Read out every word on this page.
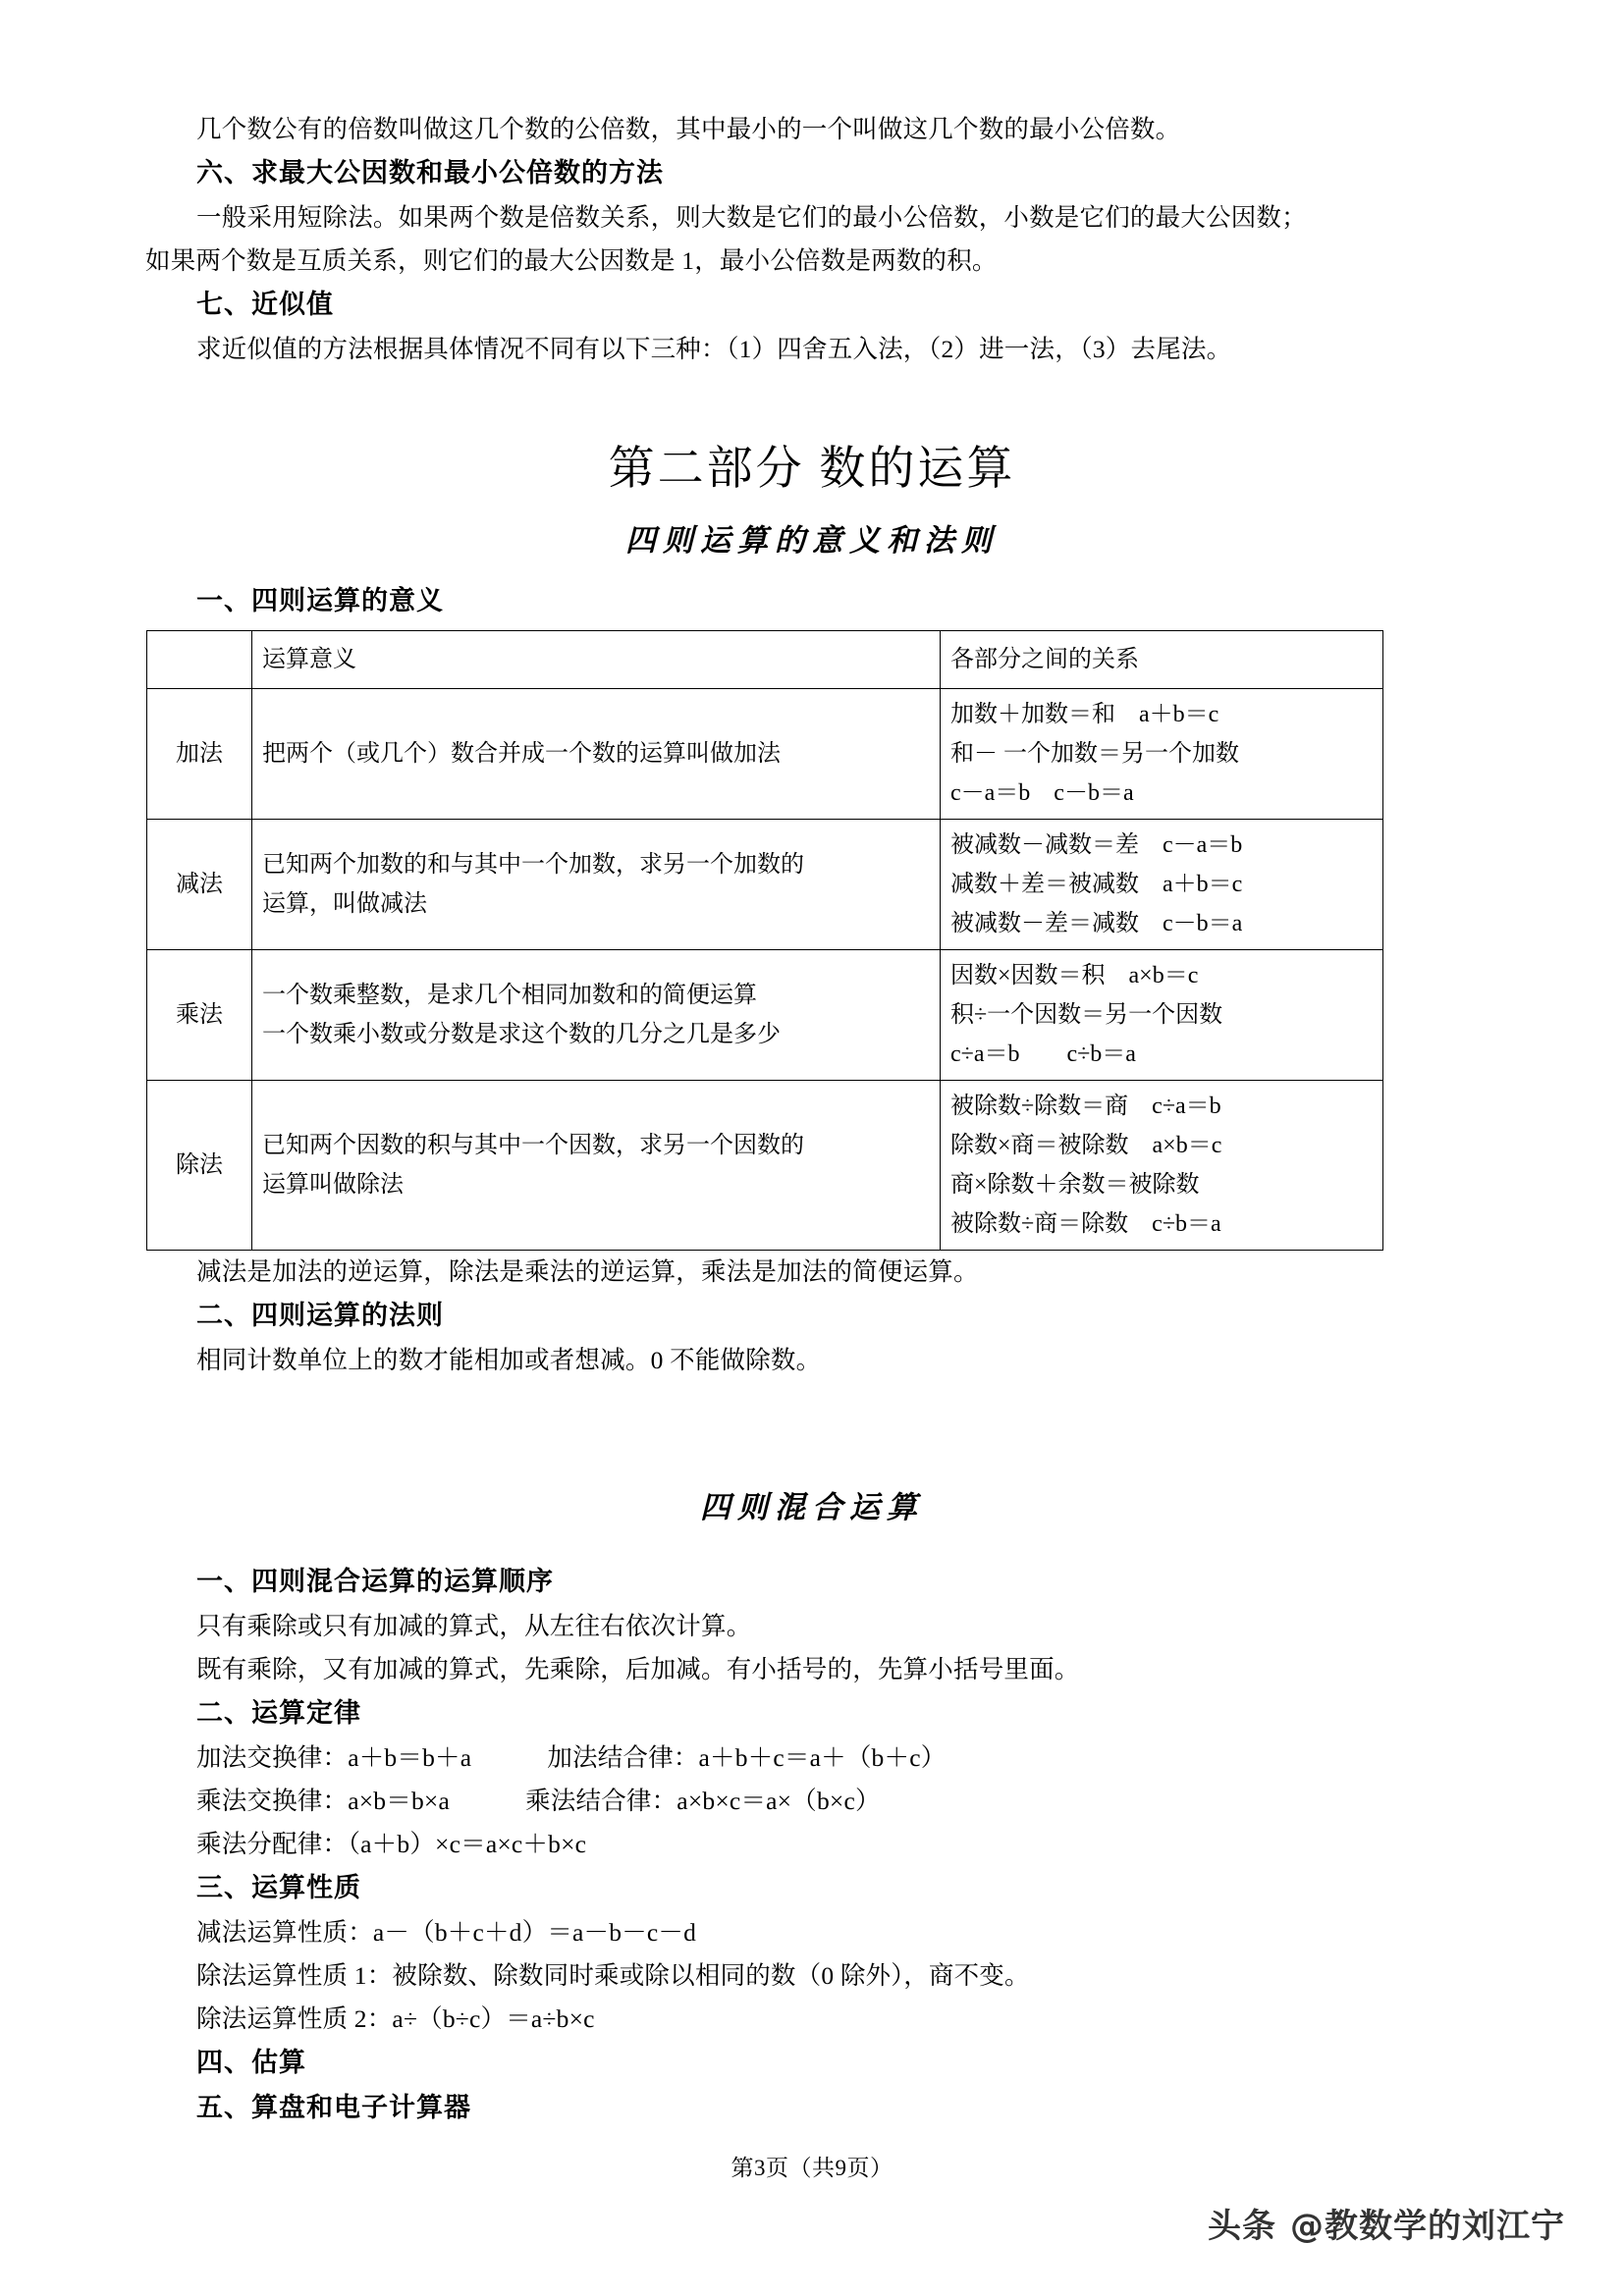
几个数公有的倍数叫做这几个数的公倍数，其中最小的一个叫做这几个数的最小公倍数。
六、求最大公因数和最小公倍数的方法
一般采用短除法。如果两个数是倍数关系，则大数是它们的最小公倍数，小数是它们的最大公因数；
如果两个数是互质关系，则它们的最大公因数是 1，最小公倍数是两数的积。
七、近似值
求近似值的方法根据具体情况不同有以下三种：（1）四舍五入法，（2）进一法，（3）去尾法。
第二部分 数的运算
四则运算的意义和法则
一、四则运算的意义
	运算意义	各部分之间的关系
加法	把两个（或几个）数合并成一个数的运算叫做加法	加数＋加数＝和　a＋b＝c
和－ 一个加数＝另一个加数
c－a＝b　c－b＝a

减法	已知两个加数的和与其中一个加数，求另一个加数的
运算，叫做减法	被减数－减数＝差　c－a＝b
减数＋差＝被减数　a＋b＝c
被减数－差＝减数　c－b＝a

乘法	一个数乘整数，是求几个相同加数和的简便运算
一个数乘小数或分数是求这个数的几分之几是多少	因数×因数＝积　a×b＝c
积÷一个因数＝另一个因数
c÷a＝b　　c÷b＝a

除法	已知两个因数的积与其中一个因数，求另一个因数的
运算叫做除法	被除数÷除数＝商　c÷a＝b
除数×商＝被除数　a×b＝c
商×除数＋余数＝被除数
被除数÷商＝除数　c÷b＝a
减法是加法的逆运算，除法是乘法的逆运算，乘法是加法的简便运算。
二、四则运算的法则
相同计数单位上的数才能相加或者想减。0 不能做除数。
四则混合运算
一、四则混合运算的运算顺序
只有乘除或只有加减的算式，从左往右依次计算。
既有乘除，又有加减的算式，先乘除，后加减。有小括号的，先算小括号里面。
二、运算定律
加法交换律：a＋b＝b＋a　　　加法结合律：a＋b＋c＝a＋（b＋c）
乘法交换律：a×b＝b×a　　　乘法结合律：a×b×c＝a×（b×c）
乘法分配律：（a＋b）×c＝a×c＋b×c
三、运算性质
减法运算性质：a－（b＋c＋d）＝a－b－c－d
除法运算性质 1：被除数、除数同时乘或除以相同的数（0 除外），商不变。
除法运算性质 2：a÷（b÷c）＝a÷b×c
四、估算
五、算盘和电子计算器
第3页（共9页）
头条 @教数学的刘江宁
